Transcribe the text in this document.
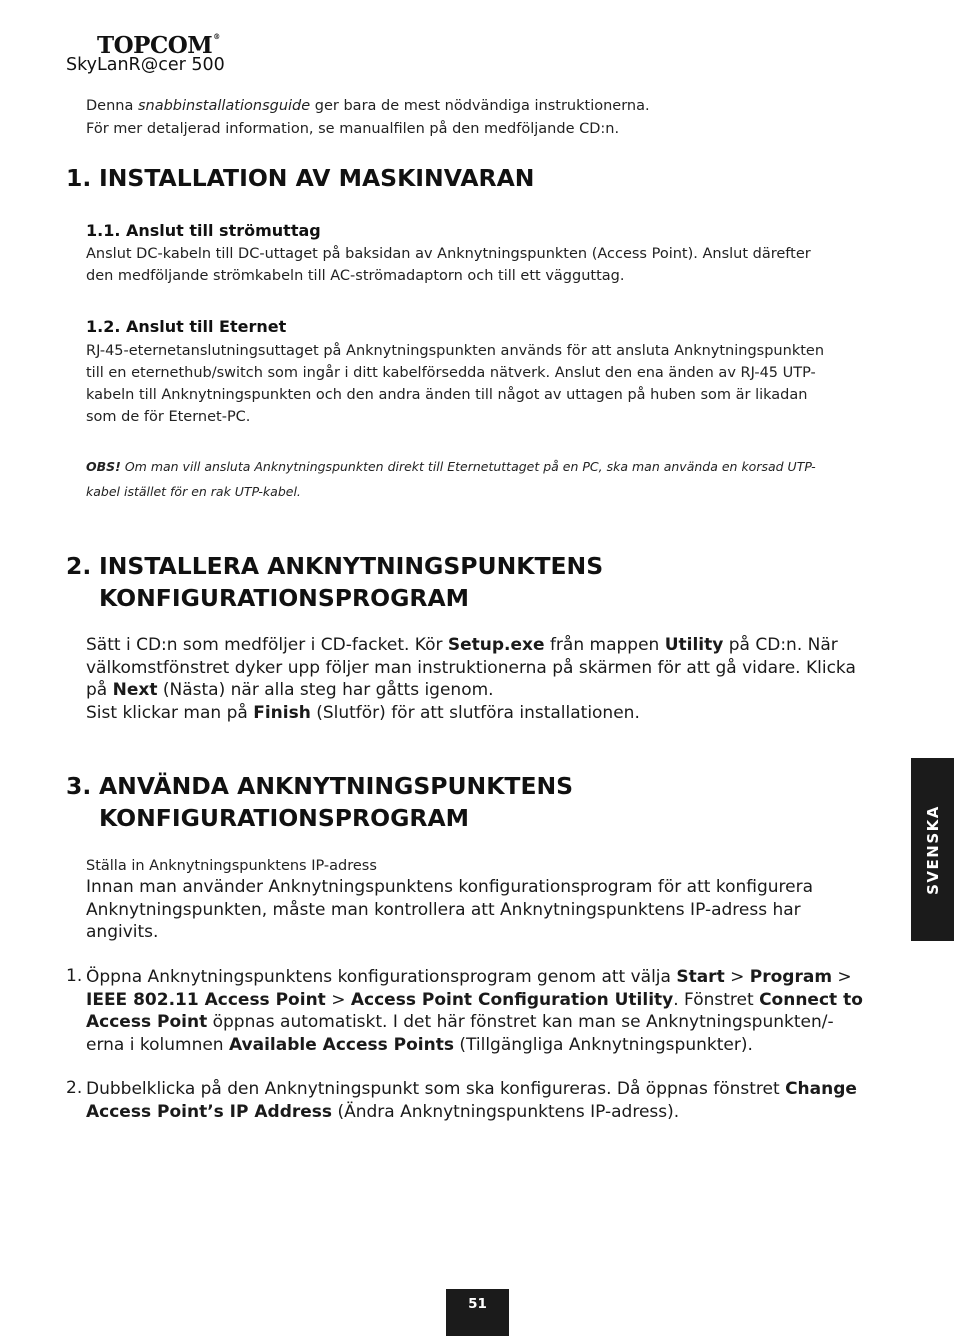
TOPCOM®
SkyLanR@cer 500
Denna snabbinstallationsguide ger bara de mest nödvändiga instruktionerna.
För mer detaljerad information, se manualfilen på den medföljande CD:n.
1. INSTALLATION AV MASKINVARAN
1.1. Anslut till strömuttag
Anslut DC-kabeln till DC-uttaget på baksidan av Anknytningspunkten (Access Point). Anslut därefter
den medföljande strömkabeln till AC-strömadaptorn och till ett vägguttag.
1.2. Anslut till Eternet
RJ-45-eternetanslutningsuttaget på Anknytningspunkten används för att ansluta Anknytningspunkten
till en eternethub/switch som ingår i ditt kabelförsedda nätverk. Anslut den ena änden av RJ-45 UTP-
kabeln till Anknytningspunkten och den andra änden till något av uttagen på huben som är likadan
som de för Eternet-PC.
OBS! Om man vill ansluta Anknytningspunkten direkt till Eternetuttaget på en PC, ska man använda en korsad UTP-
kabel istället för en rak UTP-kabel.
2. INSTALLERA ANKNYTNINGSPUNKTENS
KONFIGURATIONSPROGRAM
Sätt i CD:n som medföljer i CD-facket. Kör Setup.exe från mappen Utility på CD:n. När
välkomstfönstret dyker upp följer man instruktionerna på skärmen för att gå vidare. Klicka
på Next (Nästa) när alla steg har gåtts igenom.
Sist klickar man på Finish (Slutför) för att slutföra installationen.
3. ANVÄNDA ANKNYTNINGSPUNKTENS
KONFIGURATIONSPROGRAM
Ställa in Anknytningspunktens IP-adress
Innan man använder Anknytningspunktens konfigurationsprogram för att konfigurera
Anknytningspunkten, måste man kontrollera att Anknytningspunktens IP-adress har
angivits.
1. Öppna Anknytningspunktens konfigurationsprogram genom att välja Start > Program >
IEEE 802.11 Access Point > Access Point Configuration Utility. Fönstret Connect to
Access Point öppnas automatiskt. I det här fönstret kan man se Anknytningspunkten/-
erna i kolumnen Available Access Points (Tillgängliga Anknytningspunkter).
2. Dubbelklicka på den Anknytningspunkt som ska konfigureras. Då öppnas fönstret Change
Access Point’s IP Address (Ändra Anknytningspunktens IP-adress).
SVENSKA
51
